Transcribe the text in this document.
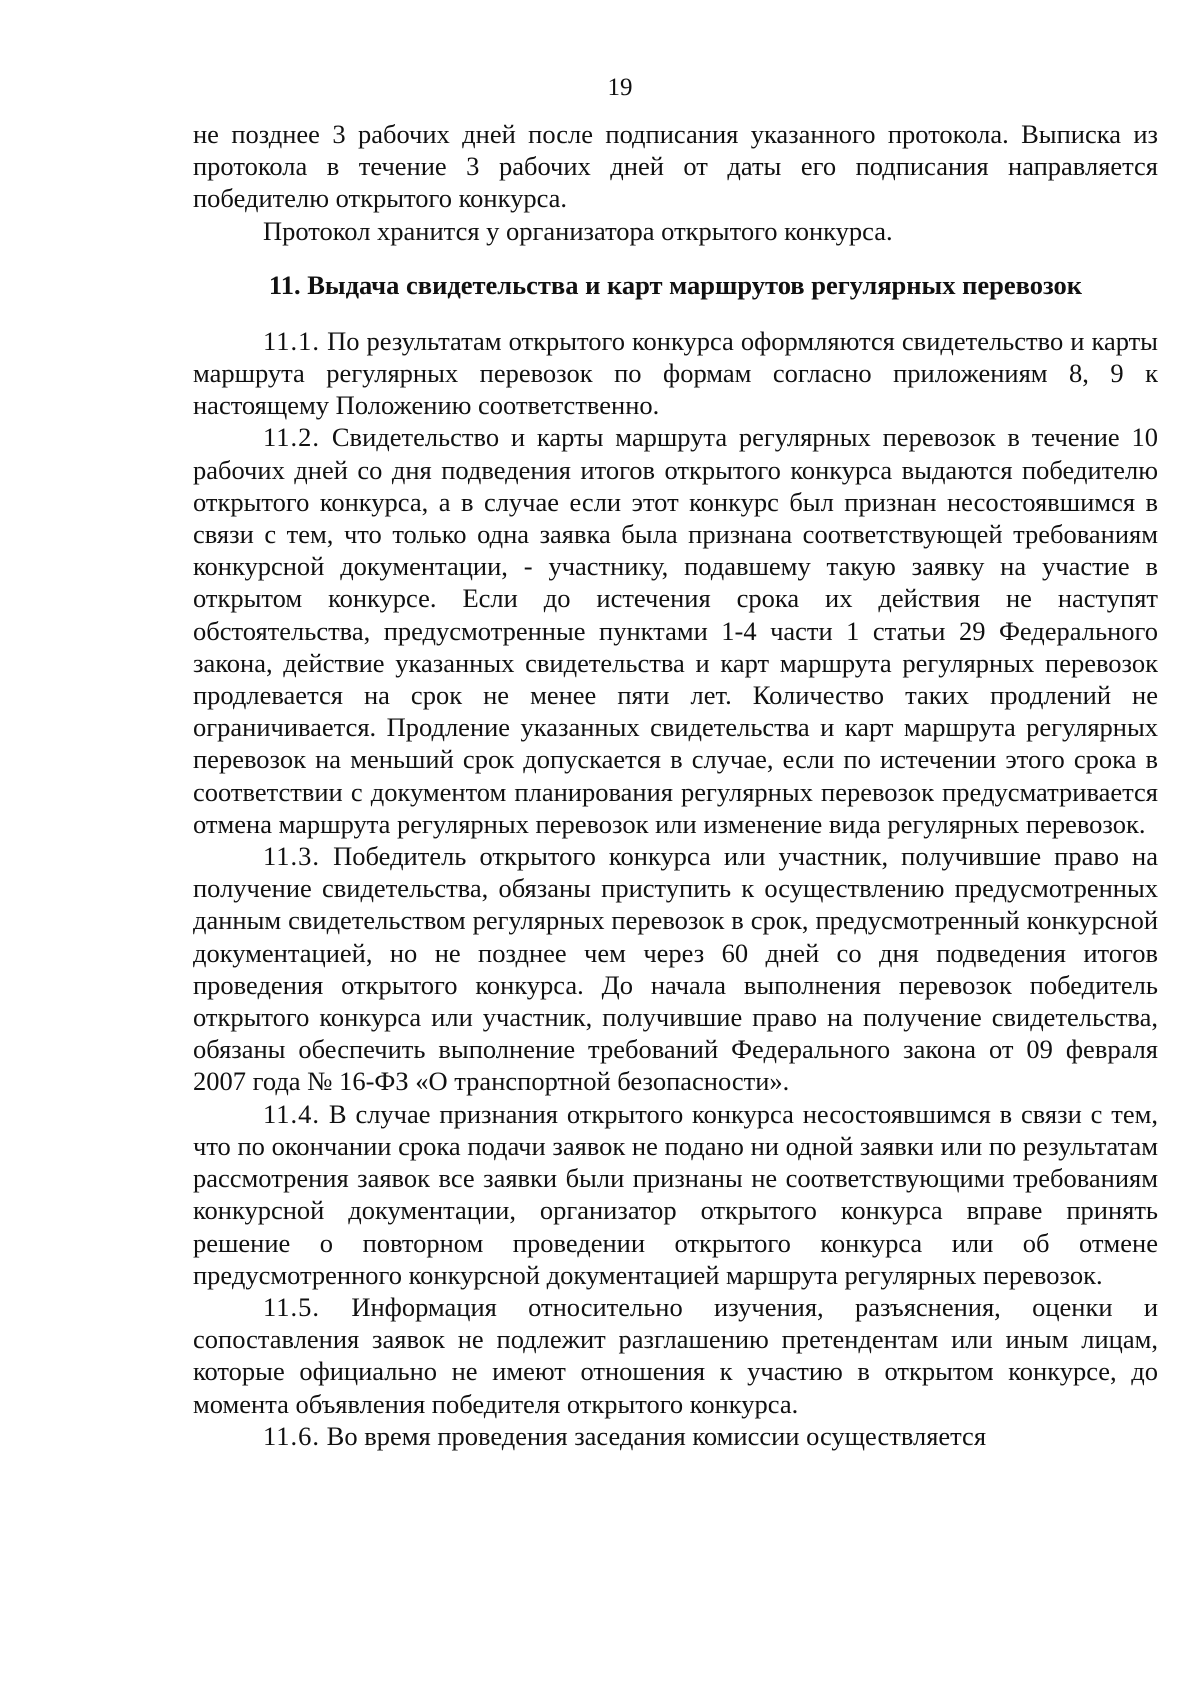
19

не позднее 3 рабочих дней после подписания указанного протокола. Выписка из протокола в течение 3 рабочих дней от даты его подписания направляется победителю открытого конкурса.

Протокол хранится у организатора открытого конкурса.

11. Выдача свидетельства и карт маршрутов регулярных перевозок

11.1. По результатам открытого конкурса оформляются свидетельство и карты маршрута регулярных перевозок по формам согласно приложениям 8, 9 к настоящему Положению соответственно.

11.2. Свидетельство и карты маршрута регулярных перевозок в течение 10 рабочих дней со дня подведения итогов открытого конкурса выдаются победителю открытого конкурса, а в случае если этот конкурс был признан несостоявшимся в связи с тем, что только одна заявка была признана соответствующей требованиям конкурсной документации, - участнику, подавшему такую заявку на участие в открытом конкурсе. Если до истечения срока их действия не наступят обстоятельства, предусмотренные пунктами 1-4 части 1 статьи 29 Федерального закона, действие указанных свидетельства и карт маршрута регулярных перевозок продлевается на срок не менее пяти лет. Количество таких продлений не ограничивается. Продление указанных свидетельства и карт маршрута регулярных перевозок на меньший срок допускается в случае, если по истечении этого срока в соответствии с документом планирования регулярных перевозок предусматривается отмена маршрута регулярных перевозок или изменение вида регулярных перевозок.

11.3. Победитель открытого конкурса или участник, получившие право на получение свидетельства, обязаны приступить к осуществлению предусмотренных данным свидетельством регулярных перевозок в срок, предусмотренный конкурсной документацией, но не позднее чем через 60 дней со дня подведения итогов проведения открытого конкурса. До начала выполнения перевозок победитель открытого конкурса или участник, получившие право на получение свидетельства, обязаны обеспечить выполнение требований Федерального закона от 09 февраля 2007 года № 16-ФЗ «О транспортной безопасности».

11.4. В случае признания открытого конкурса несостоявшимся в связи с тем, что по окончании срока подачи заявок не подано ни одной заявки или по результатам рассмотрения заявок все заявки были признаны не соответствующими требованиям конкурсной документации, организатор открытого конкурса вправе принять решение о повторном проведении открытого конкурса или об отмене предусмотренного конкурсной документацией маршрута регулярных перевозок.

11.5. Информация относительно изучения, разъяснения, оценки и сопоставления заявок не подлежит разглашению претендентам или иным лицам, которые официально не имеют отношения к участию в открытом конкурсе, до момента объявления победителя открытого конкурса.

11.6. Во время проведения заседания комиссии осуществляется
